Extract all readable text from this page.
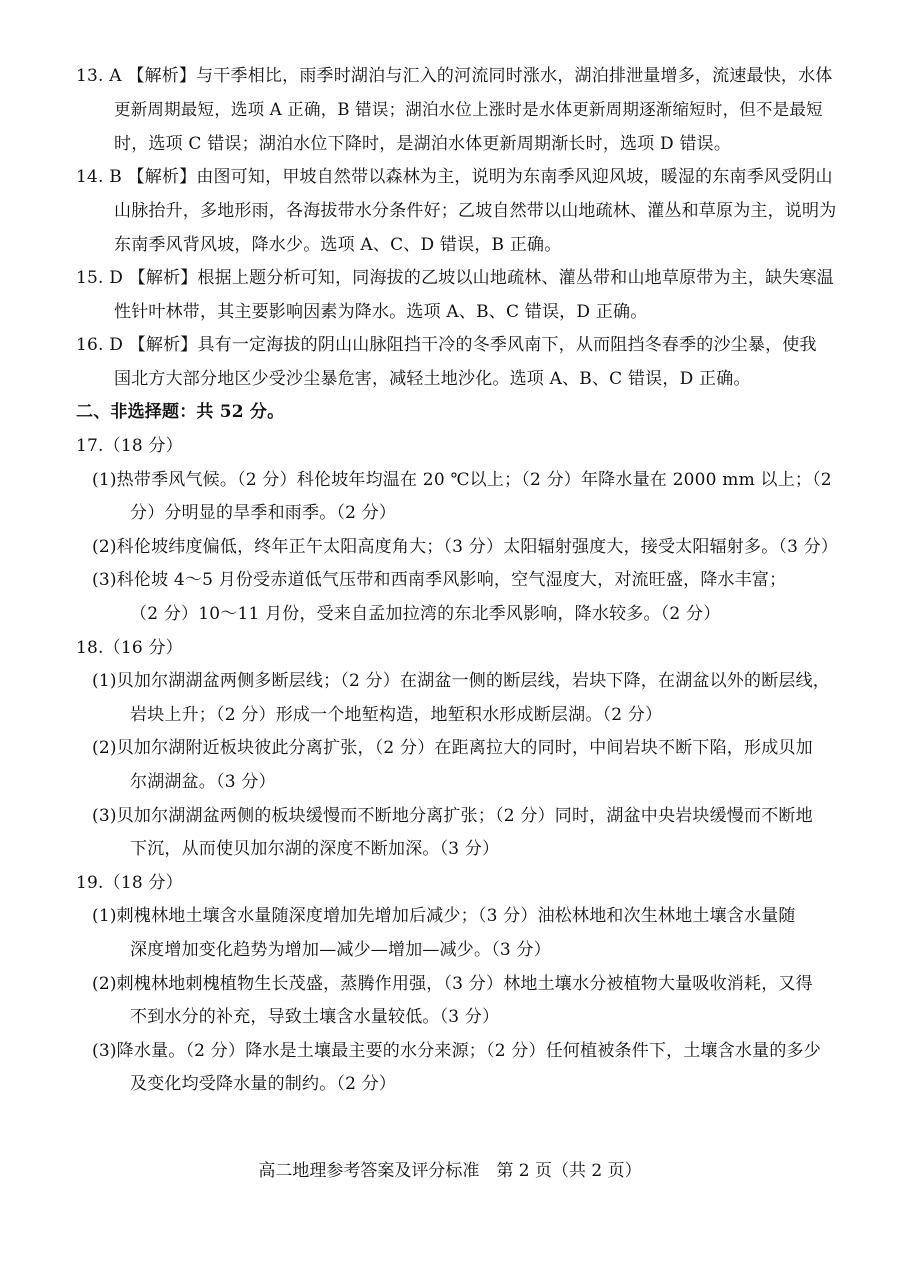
13. A 【解析】与干季相比，雨季时湖泊与汇入的河流同时涨水，湖泊排泄量增多，流速最快，水体
更新周期最短，选项 A 正确，B 错误；湖泊水位上涨时是水体更新周期逐渐缩短时，但不是最短
时，选项 C 错误；湖泊水位下降时，是湖泊水体更新周期渐长时，选项 D 错误。
14. B 【解析】由图可知，甲坡自然带以森林为主，说明为东南季风迎风坡，暖湿的东南季风受阴山
山脉抬升，多地形雨，各海拔带水分条件好；乙坡自然带以山地疏林、灌丛和草原为主，说明为
东南季风背风坡，降水少。选项 A、C、D 错误，B 正确。
15. D 【解析】根据上题分析可知，同海拔的乙坡以山地疏林、灌丛带和山地草原带为主，缺失寒温
性针叶林带，其主要影响因素为降水。选项 A、B、C 错误，D 正确。
16. D 【解析】具有一定海拔的阴山山脉阻挡干冷的冬季风南下，从而阻挡冬春季的沙尘暴，使我
国北方大部分地区少受沙尘暴危害，减轻土地沙化。选项 A、B、C 错误，D 正确。
二、非选择题：共 52 分。
17.（18 分）
(1)热带季风气候。（2 分）科伦坡年均温在 20 ℃以上；（2 分）年降水量在 2000 mm 以上；（2
分）分明显的旱季和雨季。（2 分）
(2)科伦坡纬度偏低，终年正午太阳高度角大；（3 分）太阳辐射强度大，接受太阳辐射多。（3 分）
(3)科伦坡 4～5 月份受赤道低气压带和西南季风影响，空气湿度大，对流旺盛，降水丰富；
（2 分）10～11 月份，受来自孟加拉湾的东北季风影响，降水较多。（2 分）
18.（16 分）
(1)贝加尔湖湖盆两侧多断层线；（2 分）在湖盆一侧的断层线，岩块下降，在湖盆以外的断层线，
岩块上升；（2 分）形成一个地堑构造，地堑积水形成断层湖。（2 分）
(2)贝加尔湖附近板块彼此分离扩张，（2 分）在距离拉大的同时，中间岩块不断下陷，形成贝加
尔湖湖盆。（3 分）
(3)贝加尔湖湖盆两侧的板块缓慢而不断地分离扩张；（2 分）同时，湖盆中央岩块缓慢而不断地
下沉，从而使贝加尔湖的深度不断加深。（3 分）
19.（18 分）
(1)刺槐林地土壤含水量随深度增加先增加后减少；（3 分）油松林地和次生林地土壤含水量随
深度增加变化趋势为增加—减少—增加—减少。（3 分）
(2)刺槐林地刺槐植物生长茂盛，蒸腾作用强，（3 分）林地土壤水分被植物大量吸收消耗，又得
不到水分的补充，导致土壤含水量较低。（3 分）
(3)降水量。（2 分）降水是土壤最主要的水分来源；（2 分）任何植被条件下，土壤含水量的多少
及变化均受降水量的制约。（2 分）
高二地理参考答案及评分标准　第 2 页（共 2 页）
